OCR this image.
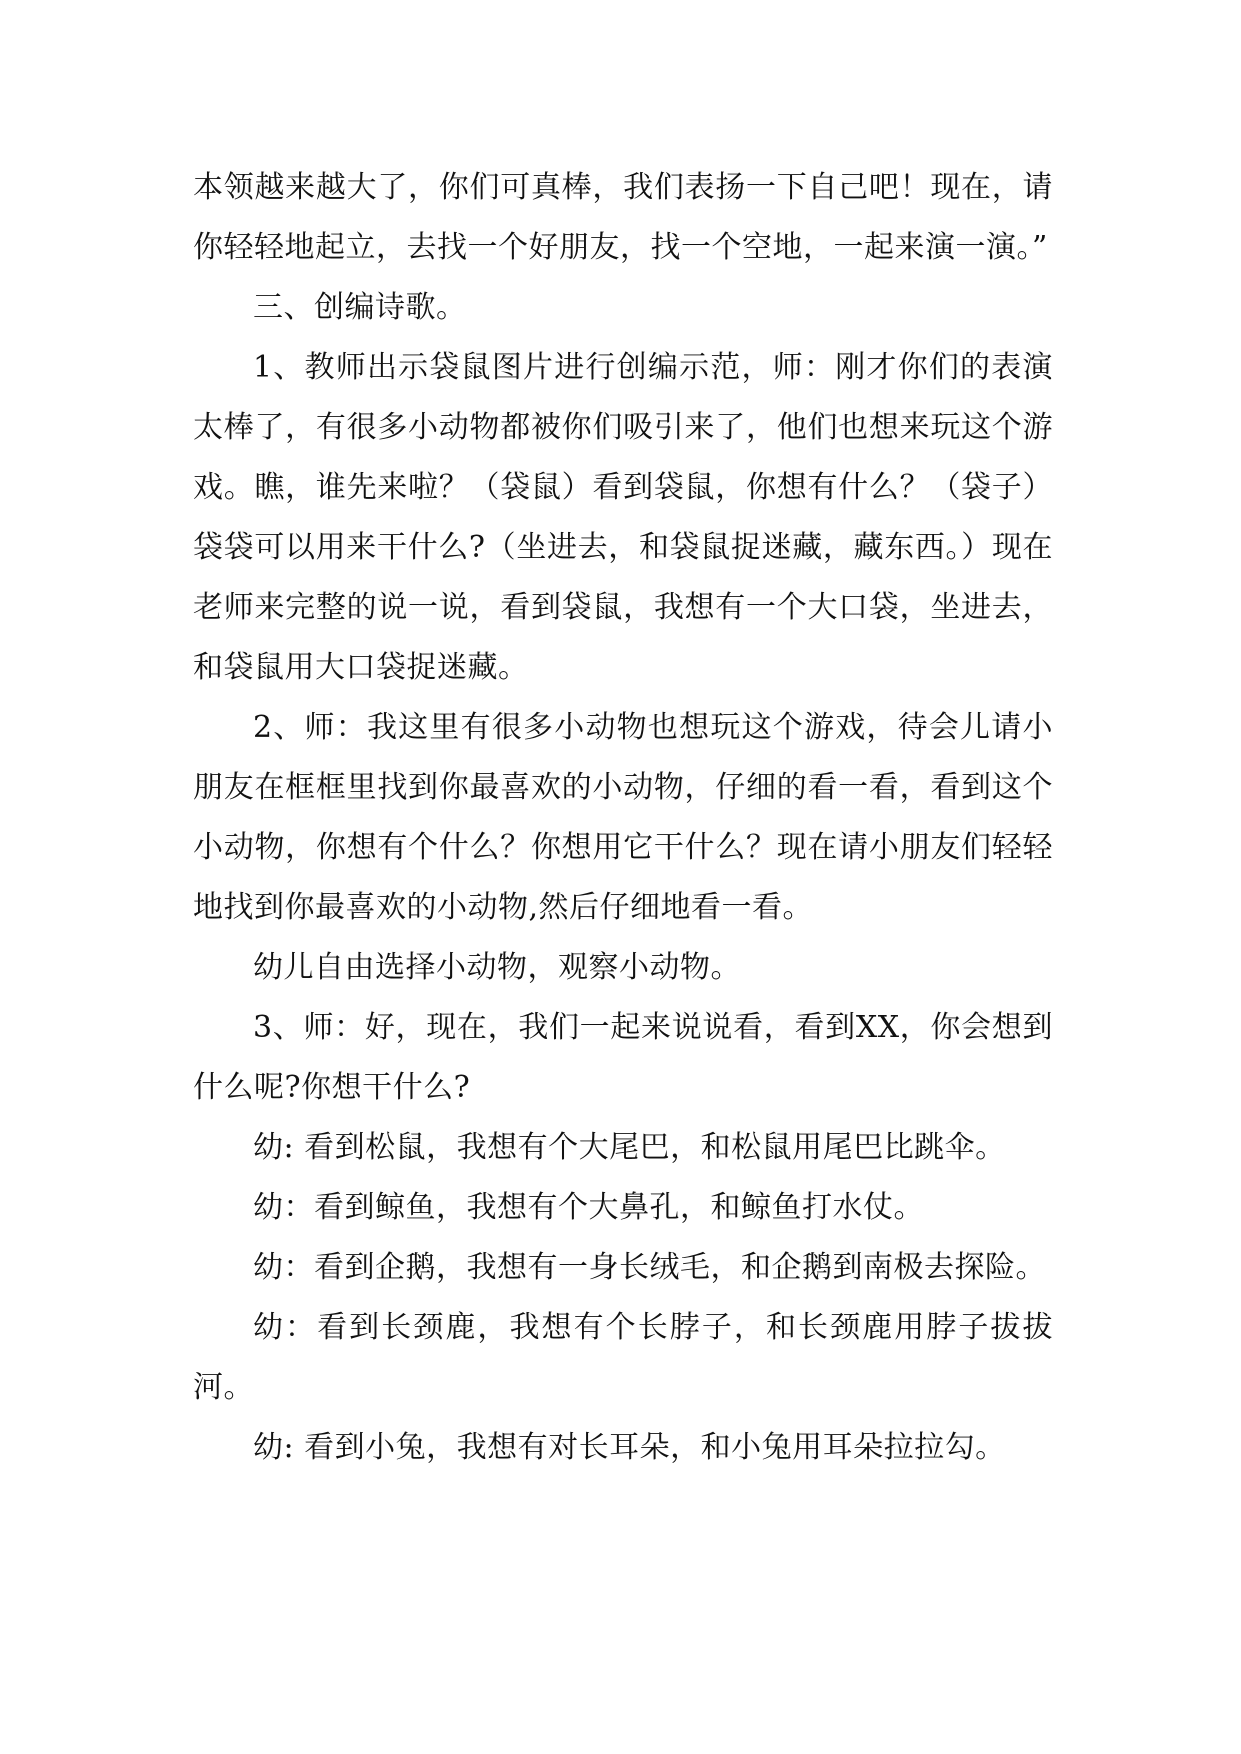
本领越来越大了，你们可真棒，我们表扬一下自己吧！现在，请你轻轻地起立，去找一个好朋友，找一个空地，一起来演一演。”

三、创编诗歌。

1、教师出示袋鼠图片进行创编示范，师：刚才你们的表演太棒了，有很多小动物都被你们吸引来了，他们也想来玩这个游戏。瞧，谁先来啦？（袋鼠）看到袋鼠，你想有什么？（袋子）袋袋可以用来干什么?（坐进去，和袋鼠捉迷藏，藏东西。）现在老师来完整的说一说，看到袋鼠，我想有一个大口袋，坐进去，和袋鼠用大口袋捉迷藏。

2、师：我这里有很多小动物也想玩这个游戏，待会儿请小朋友在框框里找到你最喜欢的小动物，仔细的看一看，看到这个小动物，你想有个什么？你想用它干什么？现在请小朋友们轻轻地找到你最喜欢的小动物,然后仔细地看一看。

幼儿自由选择小动物，观察小动物。

3、师：好，现在，我们一起来说说看，看到XX，你会想到什么呢?你想干什么?

幼: 看到松鼠，我想有个大尾巴，和松鼠用尾巴比跳伞。

幼：看到鲸鱼，我想有个大鼻孔，和鲸鱼打水仗。

幼：看到企鹅，我想有一身长绒毛，和企鹅到南极去探险。

幼：看到长颈鹿，我想有个长脖子，和长颈鹿用脖子拔拔河。

幼: 看到小兔，我想有对长耳朵，和小兔用耳朵拉拉勾。
